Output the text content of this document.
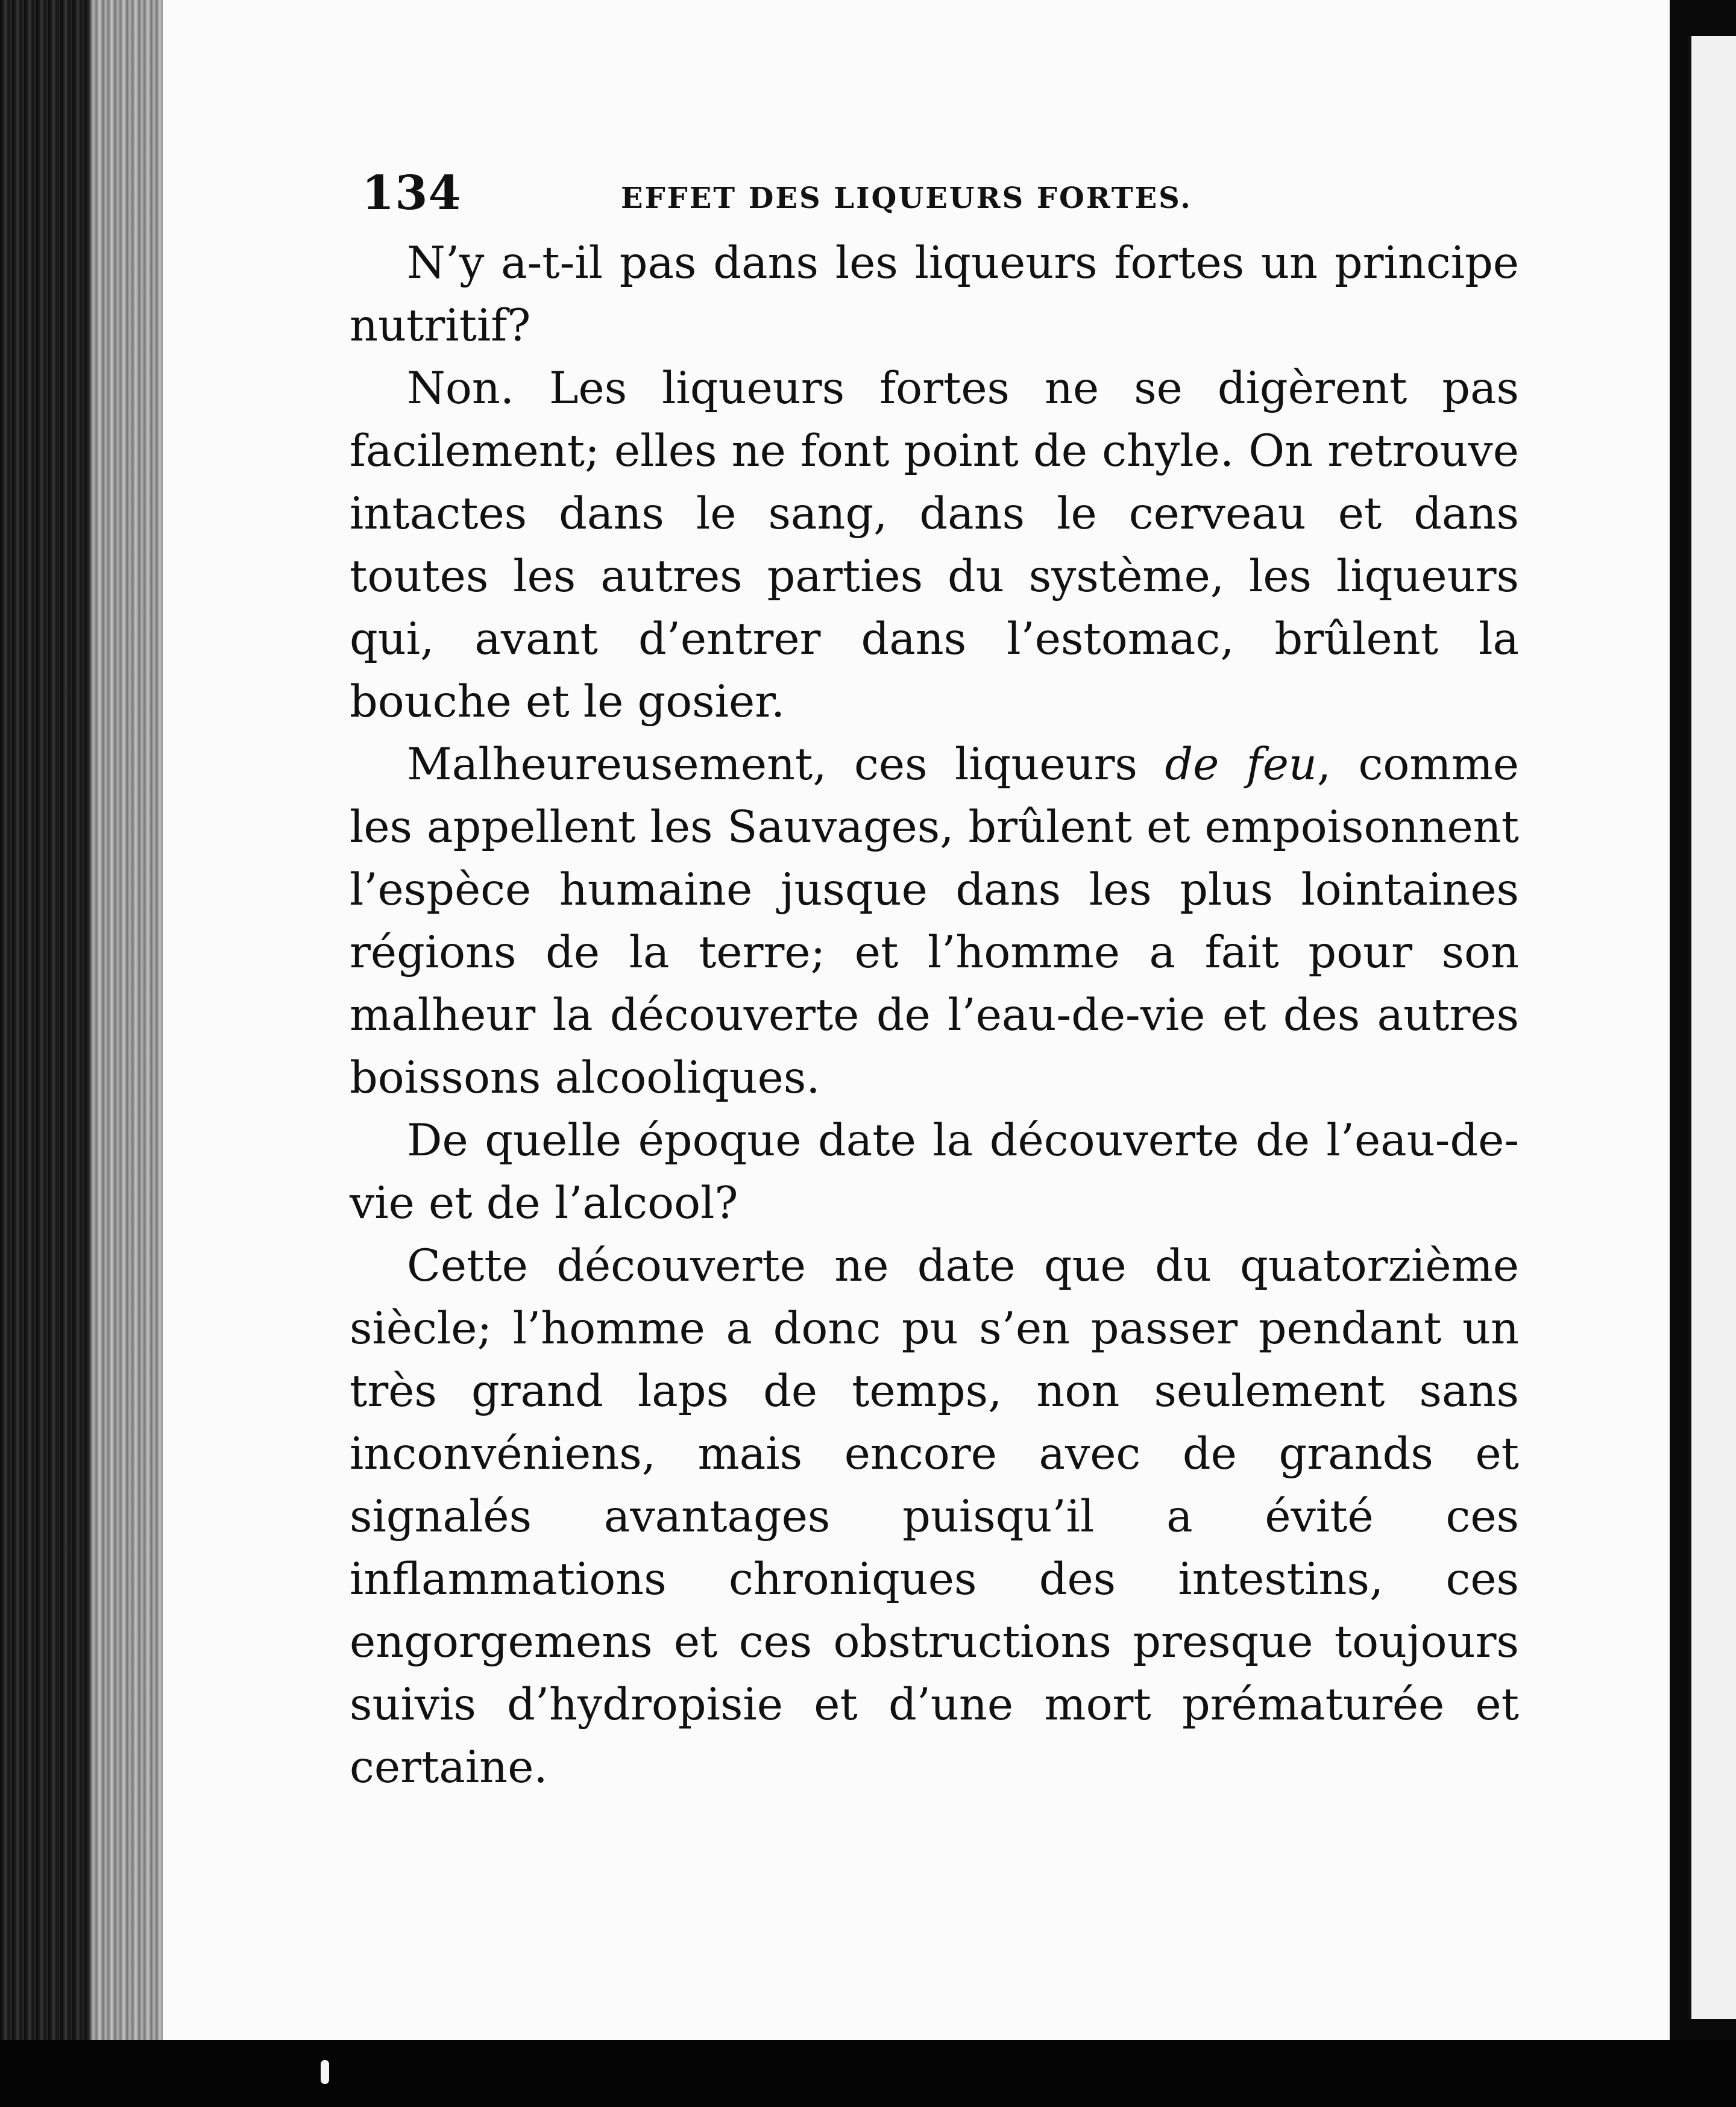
134	EFFET DES LIQUEURS FORTES.

N’y a-t-il pas dans les liqueurs fortes un principe nutritif?

Non. Les liqueurs fortes ne se digèrent pas facilement; elles ne font point de chyle. On retrouve intactes dans le sang, dans le cerveau et dans toutes les autres parties du système, les liqueurs qui, avant d’entrer dans l’estomac, brûlent la bouche et le gosier.

Malheureusement, ces liqueurs de feu, comme les appellent les Sauvages, brûlent et empoisonnent l’espèce humaine jusque dans les plus lointaines régions de la terre; et l’homme a fait pour son malheur la découverte de l’eau-de-vie et des autres boissons alcooliques.

De quelle époque date la découverte de l’eau-de-vie et de l’alcool?

Cette découverte ne date que du quatorzième siècle; l’homme a donc pu s’en passer pendant un très grand laps de temps, non seulement sans inconvéniens, mais encore avec de grands et signalés avantages puisqu’il a évité ces inflammations chroniques des intestins, ces engorgemens et ces obstructions presque toujours suivis d’hydropisie et d’une mort prématurée et certaine.
